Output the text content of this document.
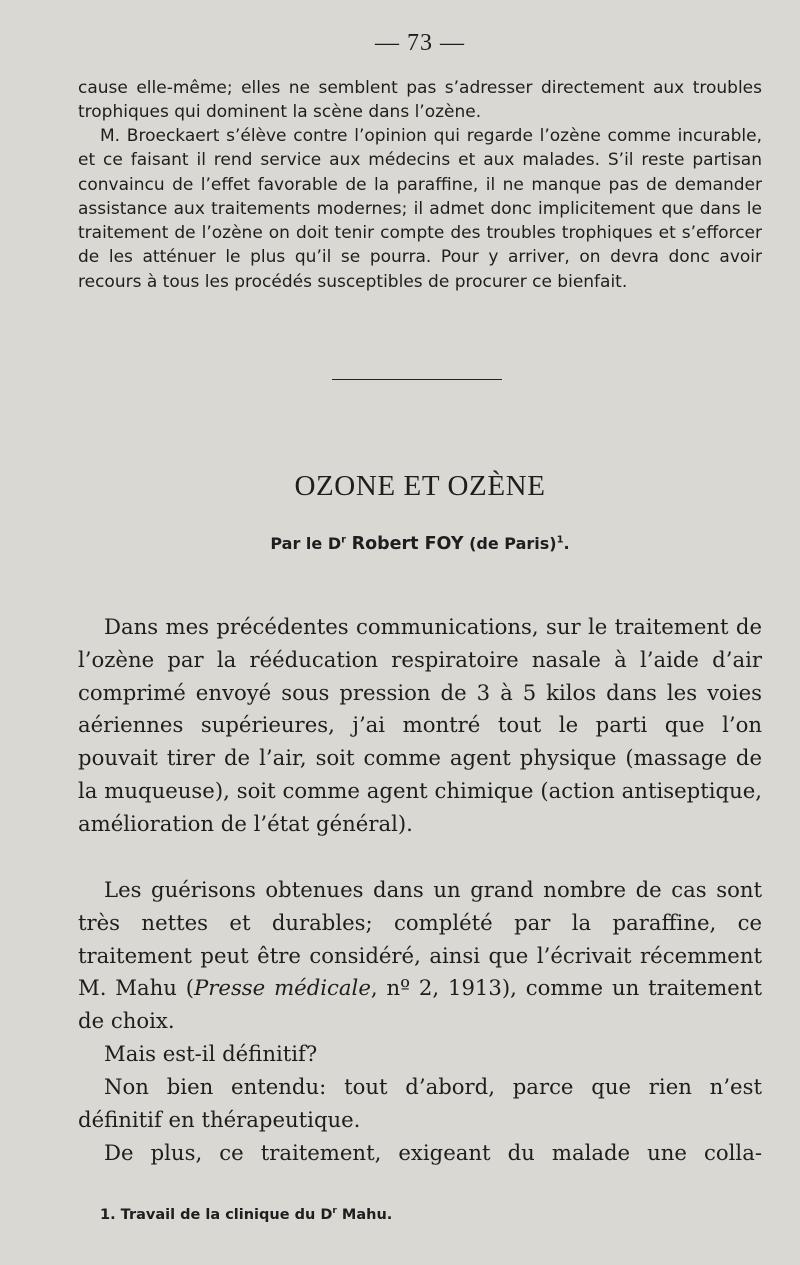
— 73 —

cause elle-même; elles ne semblent pas s’adresser directement aux troubles trophiques qui dominent la scène dans l’ozène.

M. Broeckaert s’élève contre l’opinion qui regarde l’ozène comme incurable, et ce faisant il rend service aux médecins et aux malades. S’il reste partisan convaincu de l’effet favorable de la paraffine, il ne manque pas de demander assistance aux traitements modernes; il admet donc implicitement que dans le traitement de l’ozène on doit tenir compte des troubles trophiques et s’efforcer de les atténuer le plus qu’il se pourra. Pour y arriver, on devra donc avoir recours à tous les procédés susceptibles de procurer ce bienfait.

OZONE ET OZÈNE
Par le $D^r$ Robert FOY (de Paris)$^1$.

Dans mes précédentes communications, sur le traitement de l’ozène par la rééducation respiratoire nasale à l’aide d’air comprimé envoyé sous pression de 3 à 5 kilos dans les voies aériennes supérieures, j’ai montré tout le parti que l’on pouvait tirer de l’air, soit comme agent physique (massage de la muqueuse), soit comme agent chimique (action antiseptique, amélioration de l’état général).

Les guérisons obtenues dans un grand nombre de cas sont très nettes et durables; complété par la paraffine, ce traitement peut être considéré, ainsi que l’écrivait récemment M. Mahu (Presse médicale, nº 2, 1913), comme un traitement de choix.

Mais est-il définitif?

Non bien entendu: tout d’abord, parce que rien n’est définitif en thérapeutique.

De plus, ce traitement, exigeant du malade une colla-

1. Travail de la clinique du $D^r$ Mahu.
